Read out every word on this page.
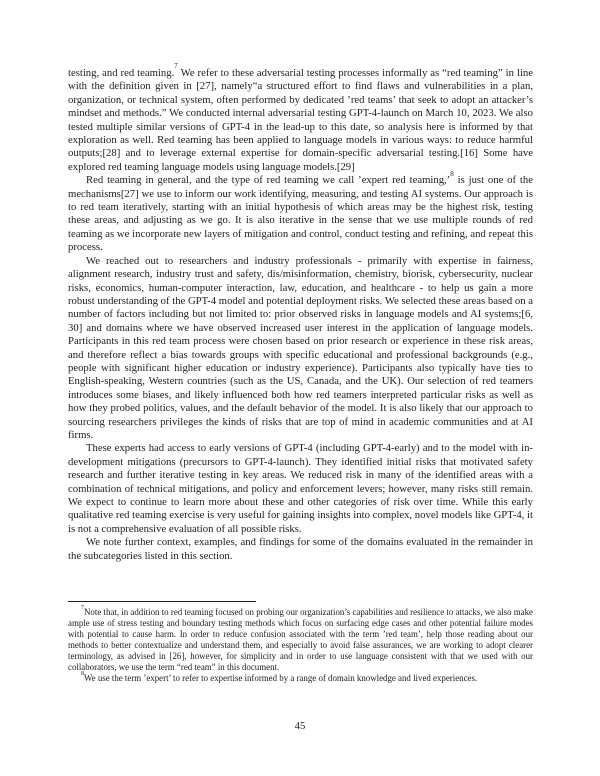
testing, and red teaming.$^7$ We refer to these adversarial testing processes informally as “red teaming” in line with the definition given in [27], namely“a structured effort to find flaws and vulnerabilities in a plan, organization, or technical system, often performed by dedicated ’red teams’ that seek to adopt an attacker’s mindset and methods.” We conducted internal adversarial testing GPT-4-launch on March 10, 2023. We also tested multiple similar versions of GPT-4 in the lead-up to this date, so analysis here is informed by that exploration as well. Red teaming has been applied to language models in various ways: to reduce harmful outputs;[28] and to leverage external expertise for domain-specific adversarial testing.[16] Some have explored red teaming language models using language models.[29]

Red teaming in general, and the type of red teaming we call ’expert red teaming,’$^8$ is just one of the mechanisms[27] we use to inform our work identifying, measuring, and testing AI systems. Our approach is to red team iteratively, starting with an initial hypothesis of which areas may be the highest risk, testing these areas, and adjusting as we go. It is also iterative in the sense that we use multiple rounds of red teaming as we incorporate new layers of mitigation and control, conduct testing and refining, and repeat this process.

We reached out to researchers and industry professionals - primarily with expertise in fairness, alignment research, industry trust and safety, dis/misinformation, chemistry, biorisk, cybersecurity, nuclear risks, economics, human-computer interaction, law, education, and healthcare - to help us gain a more robust understanding of the GPT-4 model and potential deployment risks. We selected these areas based on a number of factors including but not limited to: prior observed risks in language models and AI systems;[6, 30] and domains where we have observed increased user interest in the application of language models. Participants in this red team process were chosen based on prior research or experience in these risk areas, and therefore reflect a bias towards groups with specific educational and professional backgrounds (e.g., people with significant higher education or industry experience). Participants also typically have ties to English-speaking, Western countries (such as the US, Canada, and the UK). Our selection of red teamers introduces some biases, and likely influenced both how red teamers interpreted particular risks as well as how they probed politics, values, and the default behavior of the model. It is also likely that our approach to sourcing researchers privileges the kinds of risks that are top of mind in academic communities and at AI firms.

These experts had access to early versions of GPT-4 (including GPT-4-early) and to the model with in-development mitigations (precursors to GPT-4-launch). They identified initial risks that motivated safety research and further iterative testing in key areas. We reduced risk in many of the identified areas with a combination of technical mitigations, and policy and enforcement levers; however, many risks still remain. We expect to continue to learn more about these and other categories of risk over time. While this early qualitative red teaming exercise is very useful for gaining insights into complex, novel models like GPT-4, it is not a comprehensive evaluation of all possible risks.

We note further context, examples, and findings for some of the domains evaluated in the remainder in the subcategories listed in this section.

$^7$Note that, in addition to red teaming focused on probing our organization’s capabilities and resilience to attacks, we also make ample use of stress testing and boundary testing methods which focus on surfacing edge cases and other potential failure modes with potential to cause harm. In order to reduce confusion associated with the term ’red team’, help those reading about our methods to better contextualize and understand them, and especially to avoid false assurances, we are working to adopt clearer terminology, as advised in [26], however, for simplicity and in order to use language consistent with that we used with our collaborators, we use the term “red team” in this document.

$^8$We use the term ’expert’ to refer to expertise informed by a range of domain knowledge and lived experiences.

45
